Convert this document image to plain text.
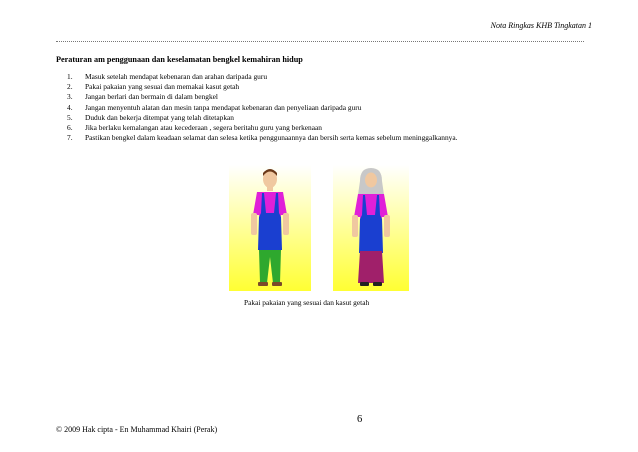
Nota Ringkas KHB Tingkatan 1
Peraturan am penggunaan dan keselamatan bengkel kemahiran hidup
1. Masuk setelah mendapat kebenaran dan arahan daripada guru
2. Pakai pakaian yang sesuai dan memakai kasut getah
3. Jangan berlari dan bermain di dalam bengkel
4. Jangan menyentuh alatan dan mesin tanpa mendapat kebenaran dan penyeliaan daripada guru
5. Duduk dan bekerja ditempat yang telah ditetapkan
6. Jika berlaku kemalangan atau kecederaan , segera beritahu guru yang berkenaan
7. Pastikan bengkel dalam keadaan selamat dan selesa ketika penggunaannya dan bersih serta kemas sebelum meninggalkannya.
Pakai pakaian yang sesuai dan kasut getah
© 2009 Hak cipta - En Muhammad Khairi (Perak)
6
